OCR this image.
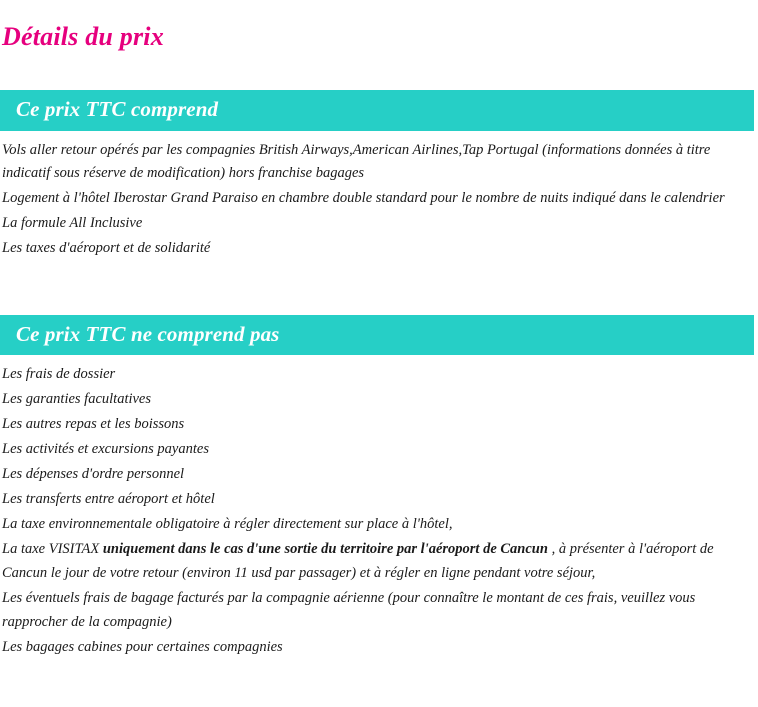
Détails du prix
Ce prix TTC comprend

Vols aller retour opérés par les compagnies British Airways,American Airlines,Tap Portugal (informations données à titre indicatif sous réserve de modification) hors franchise bagages

Logement à l'hôtel Iberostar Grand Paraiso en chambre double standard pour le nombre de nuits indiqué dans le calendrier

La formule All Inclusive

Les taxes d'aéroport et de solidarité

Ce prix TTC ne comprend pas

Les frais de dossier

Les garanties facultatives

Les autres repas et les boissons

Les activités et excursions payantes

Les dépenses d'ordre personnel

Les transferts entre aéroport et hôtel

La taxe environnementale obligatoire à régler directement sur place à l'hôtel,

La taxe VISITAX uniquement dans le cas d'une sortie du territoire par l'aéroport de Cancun , à présenter à l'aéroport de Cancun le jour de votre retour (environ 11 usd par passager) et à régler en ligne pendant votre séjour,

Les éventuels frais de bagage facturés par la compagnie aérienne (pour connaître le montant de ces frais, veuillez vous rapprocher de la compagnie)

Les bagages cabines pour certaines compagnies
